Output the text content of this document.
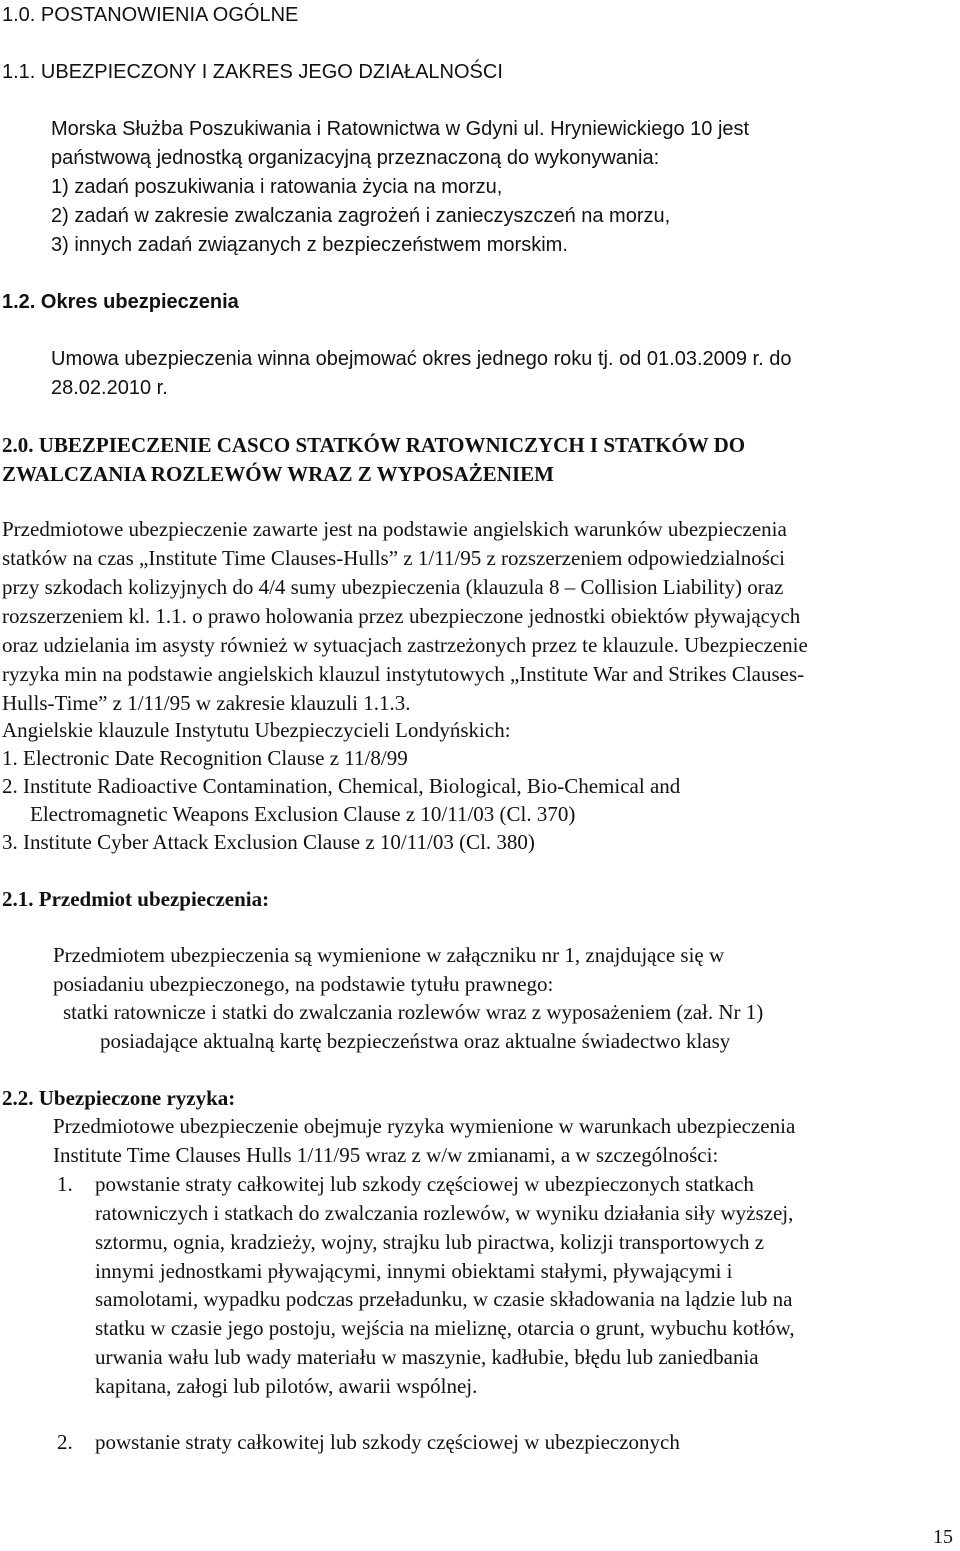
1.0. POSTANOWIENIA OGÓLNE
1.1. UBEZPIECZONY I ZAKRES JEGO DZIAŁALNOŚCI
Morska Służba Poszukiwania i Ratownictwa w Gdyni ul. Hryniewickiego 10 jest
państwową jednostką organizacyjną przeznaczoną do wykonywania:
1) zadań poszukiwania i ratowania życia na morzu,
2) zadań w zakresie zwalczania zagrożeń i zanieczyszczeń na morzu,
3) innych zadań związanych z bezpieczeństwem morskim.
1.2. Okres ubezpieczenia
Umowa ubezpieczenia winna obejmować okres jednego roku tj. od 01.03.2009 r. do
28.02.2010 r.
2.0. UBEZPIECZENIE CASCO STATKÓW RATOWNICZYCH I STATKÓW DO
ZWALCZANIA ROZLEWÓW WRAZ Z WYPOSAŻENIEM
Przedmiotowe ubezpieczenie zawarte jest na podstawie angielskich warunków ubezpieczenia
statków na czas „Institute Time Clauses-Hulls” z 1/11/95 z rozszerzeniem odpowiedzialności
przy szkodach kolizyjnych do 4/4 sumy ubezpieczenia (klauzula 8 – Collision Liability) oraz
rozszerzeniem kl. 1.1. o prawo holowania przez ubezpieczone jednostki obiektów pływających
oraz udzielania im asysty również w sytuacjach zastrzeżonych przez te klauzule. Ubezpieczenie
ryzyka min na podstawie angielskich klauzul instytutowych „Institute War and Strikes Clauses-
Hulls-Time” z 1/11/95 w zakresie klauzuli 1.1.3.
Angielskie klauzule Instytutu Ubezpieczycieli Londyńskich:
1. Electronic Date Recognition Clause z 11/8/99
2. Institute Radioactive Contamination, Chemical, Biological, Bio-Chemical and
Electromagnetic Weapons Exclusion Clause z 10/11/03 (Cl. 370)
3. Institute Cyber Attack Exclusion Clause z 10/11/03 (Cl. 380)
2.1. Przedmiot ubezpieczenia:
Przedmiotem ubezpieczenia są wymienione w załączniku nr 1, znajdujące się w
posiadaniu ubezpieczonego, na podstawie tytułu prawnego:
statki ratownicze i statki do zwalczania rozlewów wraz z wyposażeniem (zał. Nr 1)
posiadające aktualną kartę bezpieczeństwa oraz aktualne świadectwo klasy
2.2. Ubezpieczone ryzyka:
Przedmiotowe ubezpieczenie obejmuje ryzyka wymienione w warunkach ubezpieczenia
Institute Time Clauses Hulls 1/11/95 wraz z w/w zmianami, a w szczególności:
1. powstanie straty całkowitej lub szkody częściowej w ubezpieczonych statkach
ratowniczych i statkach do zwalczania rozlewów, w wyniku działania siły wyższej,
sztormu, ognia, kradzieży, wojny, strajku lub piractwa, kolizji transportowych z
innymi jednostkami pływającymi, innymi obiektami stałymi, pływającymi i
samolotami, wypadku podczas przeładunku, w czasie składowania na lądzie lub na
statku w czasie jego postoju, wejścia na mieliznę, otarcia o grunt, wybuchu kotłów,
urwania wału lub wady materiału w maszynie, kadłubie, błędu lub zaniedbania
kapitana, załogi lub pilotów, awarii wspólnej.
2. powstanie straty całkowitej lub szkody częściowej w ubezpieczonych
15
